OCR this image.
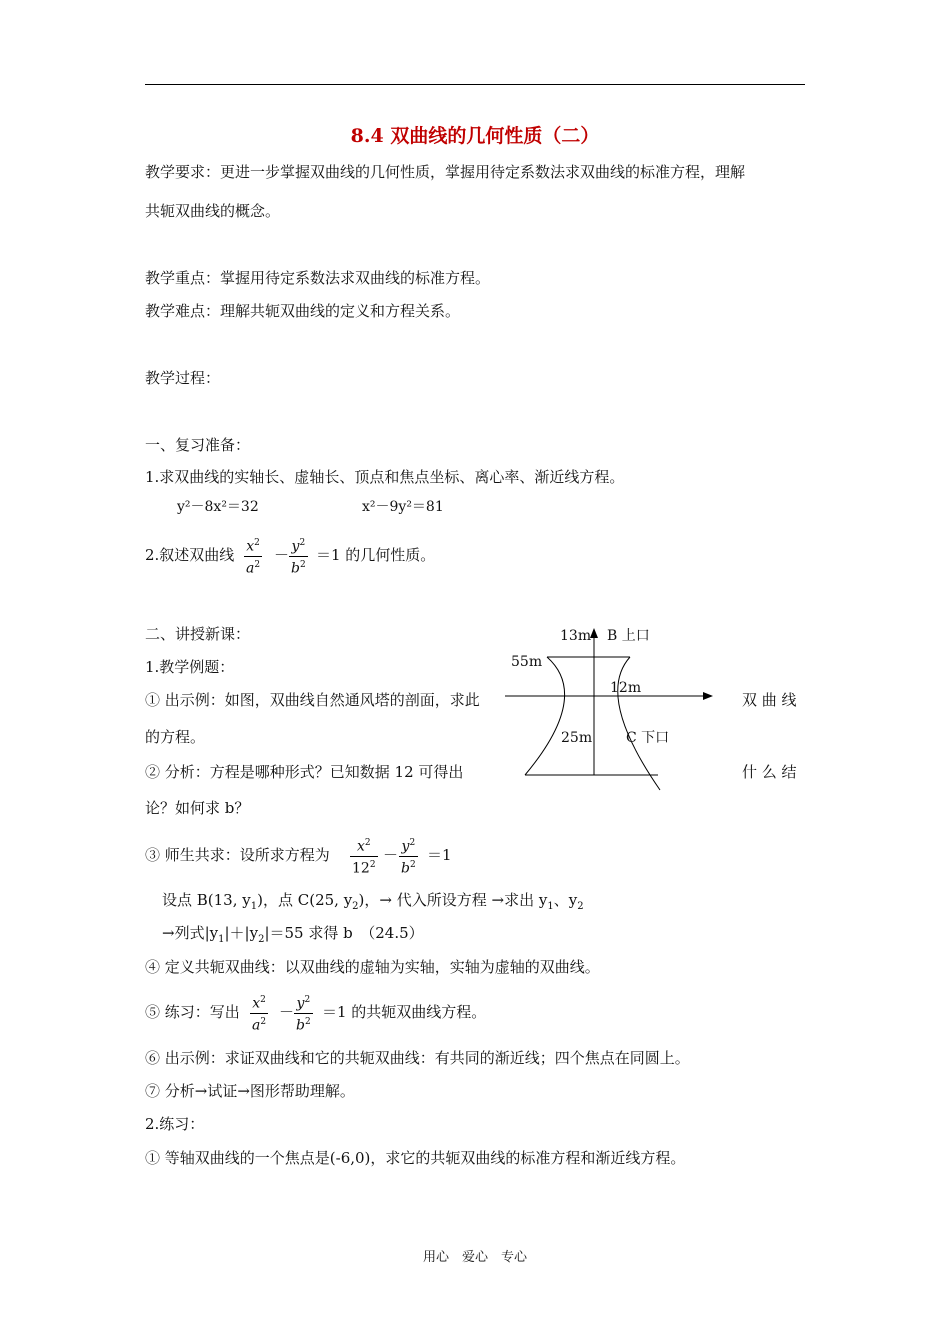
8.4 双曲线的几何性质（二）
教学要求：更进一步掌握双曲线的几何性质，掌握用待定系数法求双曲线的标准方程，理解
共轭双曲线的概念。
教学重点：掌握用待定系数法求双曲线的标准方程。
教学难点：理解共轭双曲线的定义和方程关系。
教学过程：
一、复习准备：
1.求双曲线的实轴长、虚轴长、顶点和焦点坐标、离心率、渐近线方程。
y²－8x²＝32	x²－9y²＝81
2.叙述双曲线 $\frac{x^2}{a^2} - \frac{y^2}{b^2} =1$ 的几何性质。
二、讲授新课：
1.教学例题：
① 出示例：如图，双曲线自然通风塔的剖面，求此	双 曲 线
的方程。
② 分析：方程是哪种形式？已知数据 12 可得出	什 么 结
论？如何求 b？
13m B 上口
55m
12m
25m C 下口
③ 师生共求：设所求方程为 $\frac{x^2}{12^2} - \frac{y^2}{b^2} =1$
设点 B(13, $y_1$)，点 C(25, $y_2$)，→ 代入所设方程 →求出 $y_1$、$y_2$
→列式$|y_1|+|y_2|=55$ 求得 b　（24.5）
④ 定义共轭双曲线：以双曲线的虚轴为实轴，实轴为虚轴的双曲线。
⑤ 练习：写出 $\frac{x^2}{a^2} - \frac{y^2}{b^2} =1$ 的共轭双曲线方程。
⑥ 出示例：求证双曲线和它的共轭双曲线：有共同的渐近线；四个焦点在同圆上。
⑦ 分析→试证→图形帮助理解。
2.练习：
① 等轴双曲线的一个焦点是(-6,0)，求它的共轭双曲线的标准方程和渐近线方程。
用心　爱心　专心
